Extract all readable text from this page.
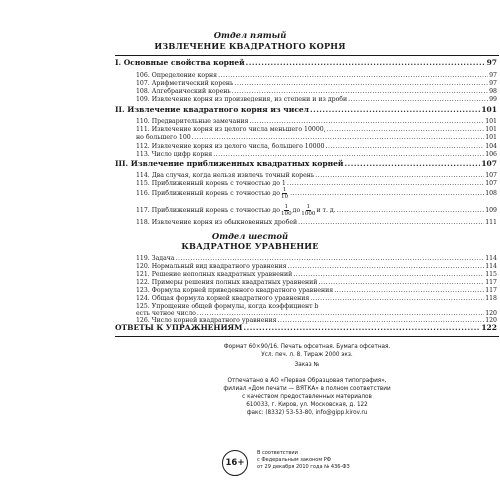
Отдел пятый
ИЗВЛЕЧЕНИЕ КВАДРАТНОГО КОРНЯ
I. Основные свойства корней .....	97
106. Определение корня .....	97
107. Арифметический корень .....	97
108. Алгебраический корень .....	98
109. Извлечение корня из произведения, из степени и из дроби .....	99
II. Извлечение квадратного корня из чисел .....	101
110. Предварительные замечания .....	101
111. Извлечение корня из целого числа меньшего 10000, .....	101
но большего 100 .....	101
112. Извлечение корня из целого числа, большего 10000 .....	104
113. Число цифр корня .....	106
III. Извлечение приближенных квадратных корней .....	107
114. Два случая, когда нельзя извлечь точный корень .....	107
115. Приближенный корень с точностью до 1 .....	107
116. Приближенный корень с точностью до $\frac{1}{10}$ .....	108
117. Приближенный корень с точностью до $\frac{1}{100}$ до $\frac{1}{1000}$ и т. д. .....	109
118. Извлечение корня из обыкновенных дробей .....	111
Отдел шестой
КВАДРАТНОЕ УРАВНЕНИЕ
119. Задача .....	114
120. Нормальный вид квадратного уравнения .....	114
121. Решение неполных квадратных уравнений .....	115
122. Примеры решения полных квадратных уравнений .....	117
123. Формула корней приведенного квадратного уравнения .....	117
124. Общая формула корней квадратного уравнения .....	118
125. Упрощение общей формулы, когда коэффициент b
есть четное число .....	120
126. Число корней квадратного уравнения .....	120
ОТВЕТЫ К УПРАЖНЕНИЯМ .....	122
Формат 60×90/16. Печать офсетная. Бумага офсетная.
Усл. печ. л. 8. Тираж 2000 экз.
Заказ №
Отпечатано в АО «Первая Образцовая типография»,
филиал «Дом печати — ВЯТКА» в полном соответствии
с качеством предоставленных материалов
610033, г. Киров, ул. Московская, д. 122
факс: (8332) 53-53-80, info@gipp.kirov.ru
16+
В соответствии
с Федеральным законом РФ
от 29 декабря 2010 года № 436-ФЗ
